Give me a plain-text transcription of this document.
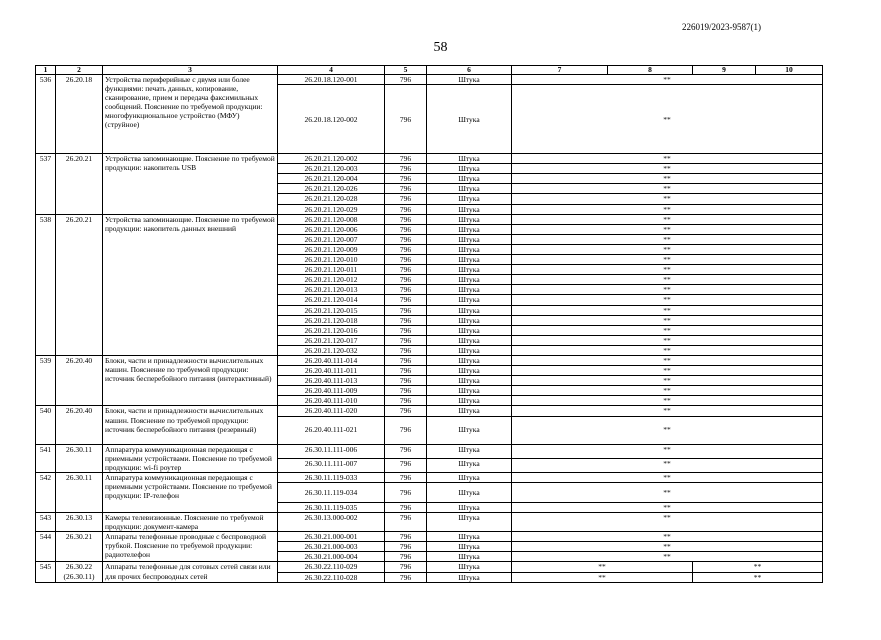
226019/2023-9587(1)
58
1	2	3	4	5	6	7	8	9	10
536	26.20.18	Устройства периферийные с двумя или более функциями: печать данных, копирование, сканирование, прием и передача факсимильных сообщений. Пояснение по требуемой продукции: многофункциональное устройство (МФУ) (струйное)	26.20.18.120-001	796	Штука	**			
			26.20.18.120-002	796	Штука	**			
537	26.20.21	Устройства запоминающие. Пояснение по требуемой продукции: накопитель USB	26.20.21.120-002	796	Штука	**			
			26.20.21.120-003	796	Штука	**			
			26.20.21.120-004	796	Штука	**			
			26.20.21.120-026	796	Штука	**			
			26.20.21.120-028	796	Штука	**			
			26.20.21.120-029	796	Штука	**			
538	26.20.21	Устройства запоминающие. Пояснение по требуемой продукции: накопитель данных внешний	26.20.21.120-008	796	Штука	**			
			26.20.21.120-006	796	Штука	**			
			26.20.21.120-007	796	Штука	**			
			26.20.21.120-009	796	Штука	**			
			26.20.21.120-010	796	Штука	**			
			26.20.21.120-011	796	Штука	**			
			26.20.21.120-012	796	Штука	**			
			26.20.21.120-013	796	Штука	**			
			26.20.21.120-014	796	Штука	**			
			26.20.21.120-015	796	Штука	**			
			26.20.21.120-018	796	Штука	**			
			26.20.21.120-016	796	Штука	**			
			26.20.21.120-017	796	Штука	**			
			26.20.21.120-032	796	Штука	**			
539	26.20.40	Блоки, части и принадлежности вычислительных машин. Пояснение по требуемой продукции: источник бесперебойного питания (интерактивный)	26.20.40.111-014	796	Штука	**			
			26.20.40.111-011	796	Штука	**			
			26.20.40.111-013	796	Штука	**			
			26.20.40.111-009	796	Штука	**			
			26.20.40.111-010	796	Штука	**			
540	26.20.40	Блоки, части и принадлежности вычислительных машин. Пояснение по требуемой продукции: источник бесперебойного питания (резервный)	26.20.40.111-020	796	Штука	**			
			26.20.40.111-021	796	Штука	**			
541	26.30.11	Аппаратура коммуникационная передающая с приемными устройствами. Пояснение по требуемой продукции: wi-fi роутер	26.30.11.111-006	796	Штука	**			
			26.30.11.111-007	796	Штука	**			
542	26.30.11	Аппаратура коммуникационная передающая с приемными устройствами. Пояснение по требуемой продукции: IP-телефон	26.30.11.119-033	796	Штука	**			
			26.30.11.119-034	796	Штука	**			
			26.30.11.119-035	796	Штука	**			
543	26.30.13	Камеры телевизионные. Пояснение по требуемой продукции: документ-камера	26.30.13.000-002	796	Штука	**			
544	26.30.21	Аппараты телефонные проводные с беспроводной трубкой. Пояснение по требуемой продукции: радиотелефон	26.30.21.000-001	796	Штука	**			
			26.30.21.000-003	796	Штука	**			
			26.30.21.000-004	796	Штука	**			
545	26.30.22 (26.30.11)	Аппараты телефонные для сотовых сетей связи или для прочих беспроводных сетей	26.30.22.110-029	796	Штука	**		**	
			26.30.22.110-028	796	Штука	**		**	
